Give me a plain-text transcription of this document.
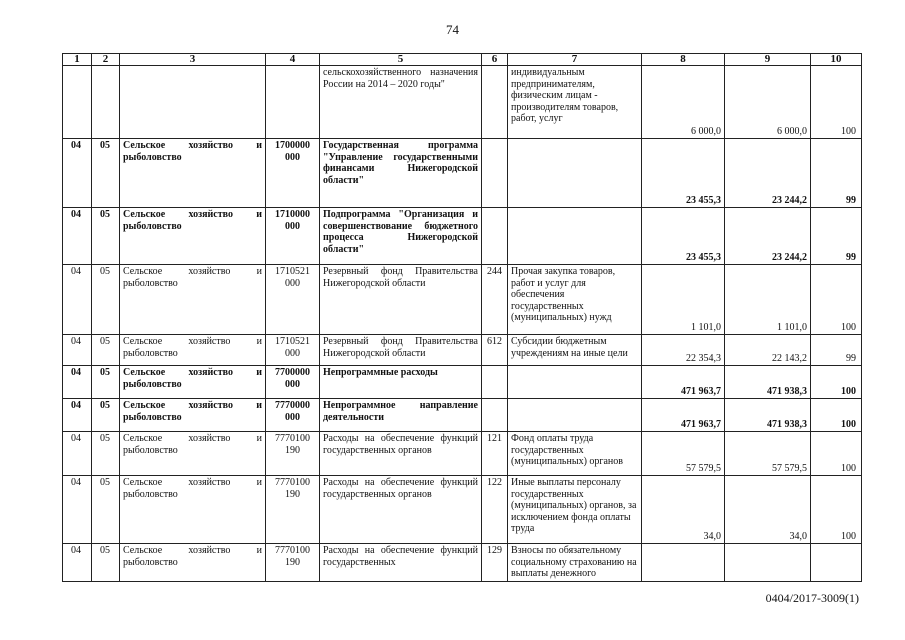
74
1	2	3	4	5	6	7	8	9	10
				сельскохозяйственного назначения России на 2014 – 2020 годы"		индивидуальным предпринимателям, физическим лицам - производителям товаров, работ, услуг	6 000,0	6 000,0	100
04	05	Сельское хозяйство и рыболовство	1700000 000	Государственная программа "Управление государственными финансами Нижегородской области"			23 455,3	23 244,2	99
04	05	Сельское хозяйство и рыболовство	1710000 000	Подпрограмма "Организация и совершенствование бюджетного процесса Нижегородской области"			23 455,3	23 244,2	99
04	05	Сельское хозяйство и рыболовство	1710521 000	Резервный фонд Правительства Нижегородской области	244	Прочая закупка товаров, работ и услуг для обеспечения государственных (муниципальных) нужд	1 101,0	1 101,0	100
04	05	Сельское хозяйство и рыболовство	1710521 000	Резервный фонд Правительства Нижегородской области	612	Субсидии бюджетным учреждениям на иные цели	22 354,3	22 143,2	99
04	05	Сельское хозяйство и рыболовство	7700000 000	Непрограммные расходы			471 963,7	471 938,3	100
04	05	Сельское хозяйство и рыболовство	7770000 000	Непрограммное направление деятельности			471 963,7	471 938,3	100
04	05	Сельское хозяйство и рыболовство	7770100 190	Расходы на обеспечение функций государственных органов	121	Фонд оплаты труда государственных (муниципальных) органов	57 579,5	57 579,5	100
04	05	Сельское хозяйство и рыболовство	7770100 190	Расходы на обеспечение функций государственных органов	122	Иные выплаты персоналу государственных (муниципальных) органов, за исключением фонда оплаты труда	34,0	34,0	100
04	05	Сельское хозяйство и рыболовство	7770100 190	Расходы на обеспечение функций государственных	129	Взносы по обязательному социальному страхованию на выплаты денежного			
0404/2017-3009(1)
